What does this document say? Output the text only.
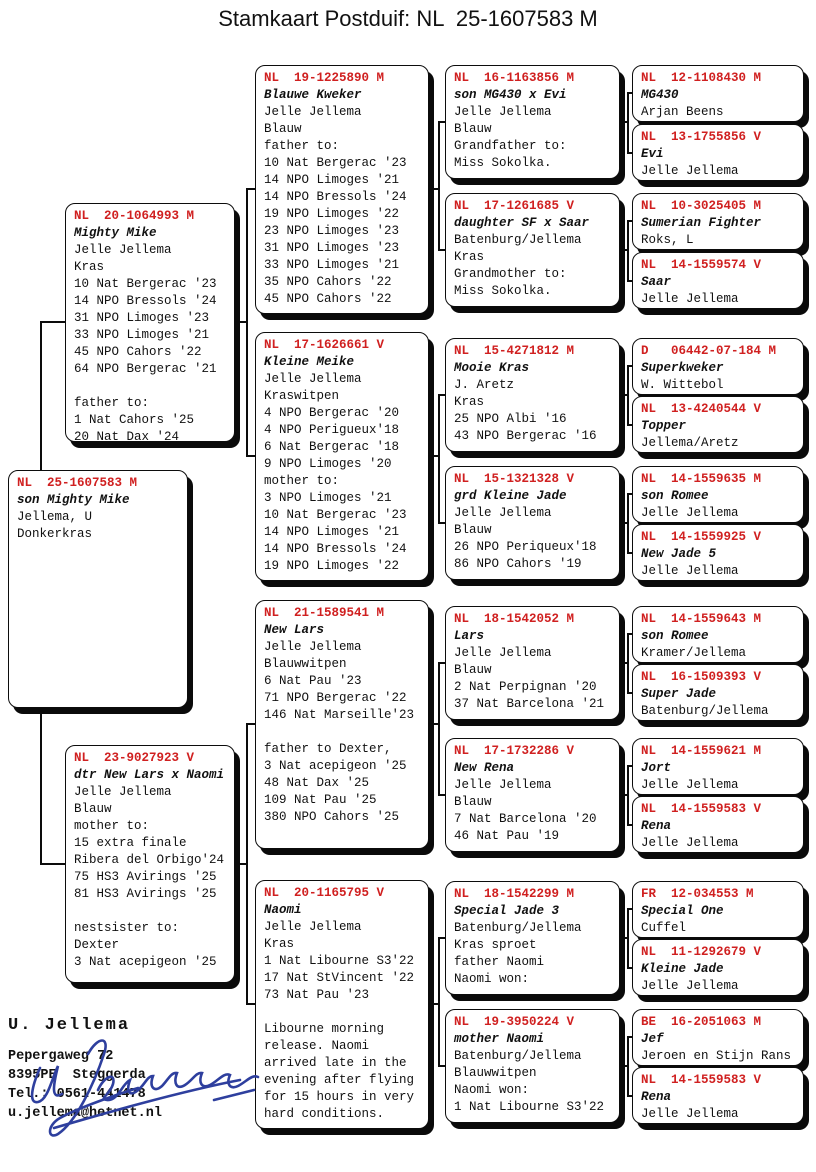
Stamkaart Postduif: NL  25-1607583 M
NL  25-1607583 M
son Mighty Mike
Jellema, U
Donkerkras
NL  20-1064993 M
Mighty Mike
Jelle Jellema
Kras
10 Nat Bergerac '23
14 NPO Bressols '24
31 NPO Limoges '23
33 NPO Limoges '21
45 NPO Cahors '22
64 NPO Bergerac '21

father to:
1 Nat Cahors '25
20 Nat Dax '24
NL  23-9027923 V
dtr New Lars x Naomi
Jelle Jellema
Blauw
mother to:
15 extra finale
Ribera del Orbigo'24
75 HS3 Avirings '25
81 HS3 Avirings '25

nestsister to:
Dexter
3 Nat acepigeon '25
NL  19-1225890 M
Blauwe Kweker
Jelle Jellema
Blauw
father to:
10 Nat Bergerac '23
14 NPO Limoges '21
14 NPO Bressols '24
19 NPO Limoges '22
23 NPO Limoges '23
31 NPO Limoges '23
33 NPO Limoges '21
35 NPO Cahors '22
45 NPO Cahors '22
NL  17-1626661 V
Kleine Meike
Jelle Jellema
Kraswitpen
4 NPO Bergerac '20
4 NPO Perigueux'18
6 Nat Bergerac '18
9 NPO Limoges '20
mother to:
3 NPO Limoges '21
10 Nat Bergerac '23
14 NPO Limoges '21
14 NPO Bressols '24
19 NPO Limoges '22
NL  21-1589541 M
New Lars
Jelle Jellema
Blauwwitpen
6 Nat Pau '23
71 NPO Bergerac '22
146 Nat Marseille'23

father to Dexter,
3 Nat acepigeon '25
48 Nat Dax '25
109 Nat Pau '25
380 NPO Cahors '25
NL  20-1165795 V
Naomi
Jelle Jellema
Kras
1 Nat Libourne S3'22
17 Nat StVincent '22
73 Nat Pau '23

Libourne morning
release. Naomi
arrived late in the
evening after flying
for 15 hours in very
hard conditions.
NL  16-1163856 M
son MG430 x Evi
Jelle Jellema
Blauw
Grandfather to:
Miss Sokolka.
NL  17-1261685 V
daughter SF x Saar
Batenburg/Jellema
Kras
Grandmother to:
Miss Sokolka.
NL  15-4271812 M
Mooie Kras
J. Aretz
Kras
25 NPO Albi '16
43 NPO Bergerac '16
NL  15-1321328 V
grd Kleine Jade
Jelle Jellema
Blauw
26 NPO Periqueux'18
86 NPO Cahors '19
NL  18-1542052 M
Lars
Jelle Jellema
Blauw
2 Nat Perpignan '20
37 Nat Barcelona '21
NL  17-1732286 V
New Rena
Jelle Jellema
Blauw
7 Nat Barcelona '20
46 Nat Pau '19
NL  18-1542299 M
Special Jade 3
Batenburg/Jellema
Kras sproet
father Naomi
Naomi won:
NL  19-3950224 V
mother Naomi
Batenburg/Jellema
Blauwwitpen
Naomi won:
1 Nat Libourne S3'22
NL  12-1108430 M
MG430
Arjan Beens
NL  13-1755856 V
Evi
Jelle Jellema
NL  10-3025405 M
Sumerian Fighter
Roks, L
NL  14-1559574 V
Saar
Jelle Jellema
D   06442-07-184 M
Superkweker
W. Wittebol
NL  13-4240544 V
Topper
Jellema/Aretz
NL  14-1559635 M
son Romee
Jelle Jellema
NL  14-1559925 V
New Jade 5
Jelle Jellema
NL  14-1559643 M
son Romee
Kramer/Jellema
NL  16-1509393 V
Super Jade
Batenburg/Jellema
NL  14-1559621 M
Jort
Jelle Jellema
NL  14-1559583 V
Rena
Jelle Jellema
FR  12-034553 M
Special One
Cuffel
NL  11-1292679 V
Kleine Jade
Jelle Jellema
BE  16-2051063 M
Jef
Jeroen en Stijn Rans
NL  14-1559583 V
Rena
Jelle Jellema
U. Jellema
Pepergaweg 72
8395PE  Steggerda
Tel.: 0561-441478
u.jellema@hetnet.nl
